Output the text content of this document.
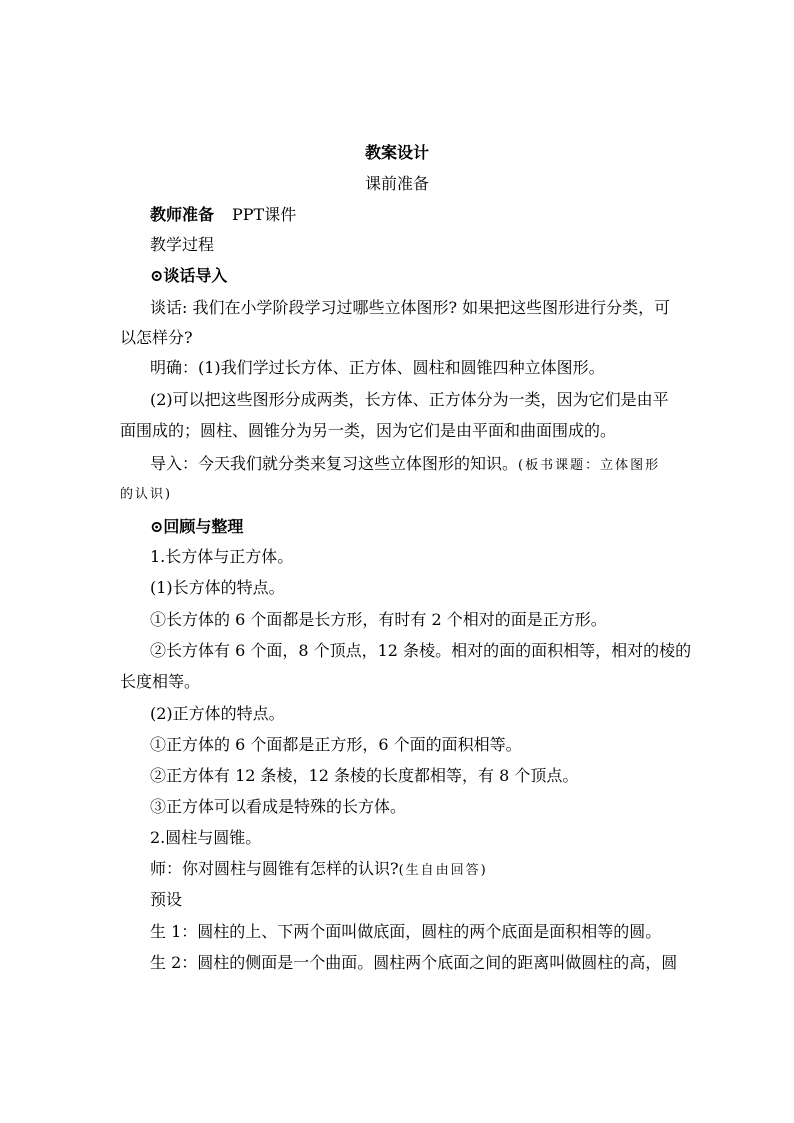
教案设计
课前准备
教师准备 PPT课件
教学过程
⊙谈话导入
谈话: 我们在小学阶段学习过哪些立体图形? 如果把这些图形进行分类，可
以怎样分?
明确：(1)我们学过长方体、正方体、圆柱和圆锥四种立体图形。
(2)可以把这些图形分成两类，长方体、正方体分为一类，因为它们是由平
面围成的；圆柱、圆锥分为另一类，因为它们是由平面和曲面围成的。
导入：今天我们就分类来复习这些立体图形的知识。(板书课题：立体图形
的认识)
⊙回顾与整理
1.长方体与正方体。
(1)长方体的特点。
①长方体的 6 个面都是长方形，有时有 2 个相对的面是正方形。
②长方体有 6 个面，8 个顶点，12 条棱。相对的面的面积相等，相对的棱的
长度相等。
(2)正方体的特点。
①正方体的 6 个面都是正方形，6 个面的面积相等。
②正方体有 12 条棱，12 条棱的长度都相等，有 8 个顶点。
③正方体可以看成是特殊的长方体。
2.圆柱与圆锥。
师：你对圆柱与圆锥有怎样的认识?(生自由回答)
预设
生 1：圆柱的上、下两个面叫做底面，圆柱的两个底面是面积相等的圆。
生 2：圆柱的侧面是一个曲面。圆柱两个底面之间的距离叫做圆柱的高，圆
